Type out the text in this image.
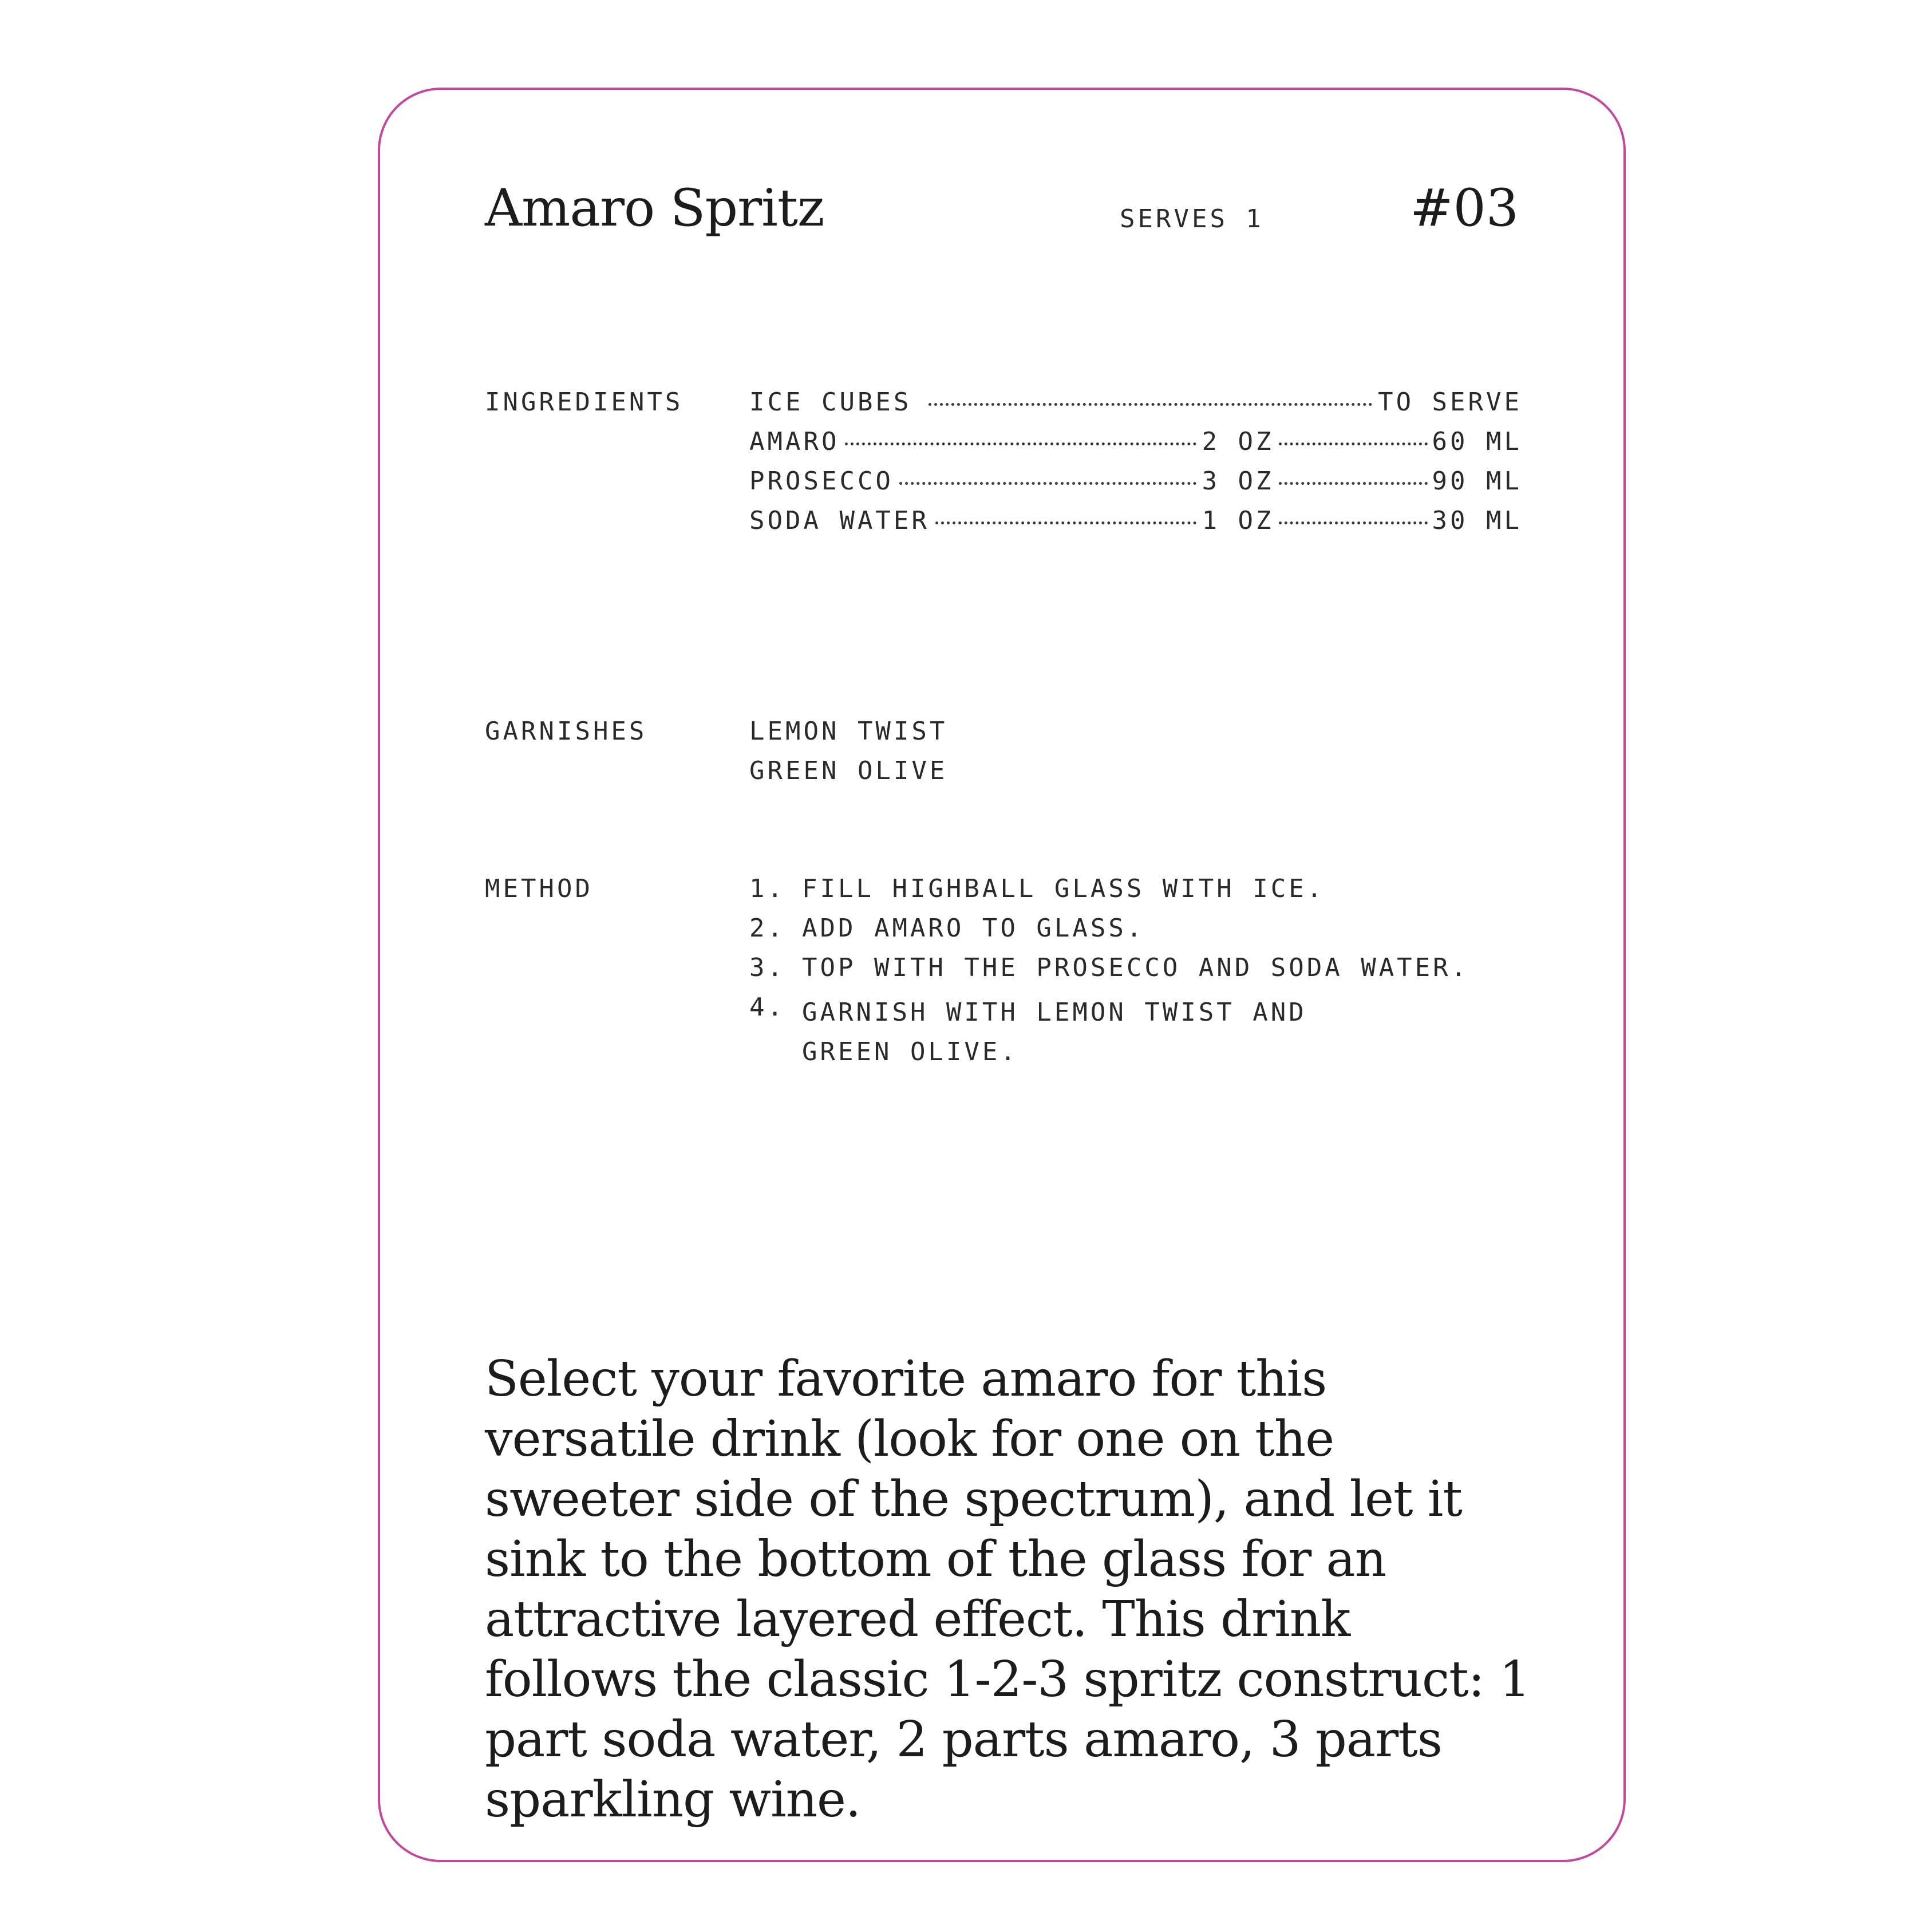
Amaro Spritz	SERVES 1	#03
INGREDIENTS	ICE CUBES	TO SERVE
AMARO	2 OZ	60 ML
PROSECCO	3 OZ	90 ML
SODA WATER	1 OZ	30 ML
GARNISHES	LEMON TWIST
GREEN OLIVE
METHOD	1. FILL HIGHBALL GLASS WITH ICE.
2. ADD AMARO TO GLASS.
3. TOP WITH THE PROSECCO AND SODA WATER.
4. GARNISH WITH LEMON TWIST AND GREEN OLIVE.

Select your favorite amaro for this versatile drink (look for one on the sweeter side of the spectrum), and let it sink to the bottom of the glass for an attractive layered effect. This drink follows the classic 1-2-3 spritz construct: 1 part soda water, 2 parts amaro, 3 parts sparkling wine.
